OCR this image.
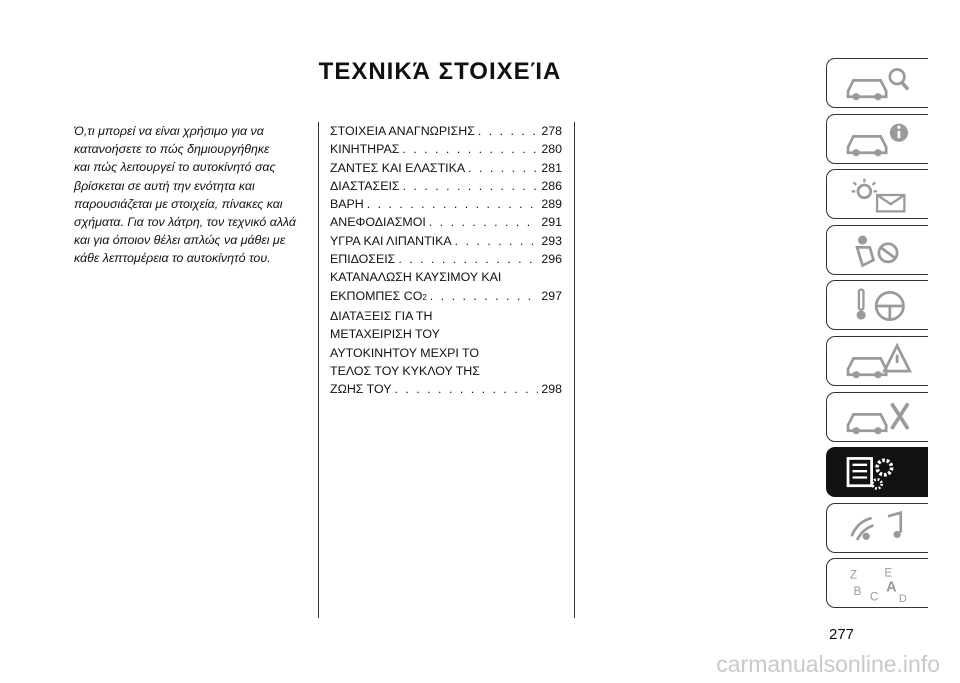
ΤΕΧΝΙΚΆ ΣΤΟΙΧΕΊΑ
Ό,τι μπορεί να είναι χρήσιμο για να
κατανοήσετε το πώς δημιουργήθηκε
και πώς λειτουργεί το αυτοκίνητό σας
βρίσκεται σε αυτή την ενότητα και
παρουσιάζεται με στοιχεία, πίνακες και
σχήματα. Για τον λάτρη, τον τεχνικό αλλά
και για όποιον θέλει απλώς να μάθει με
κάθε λεπτομέρεια το αυτοκίνητό του.
ΣΤΟΙΧΕΙΑ ΑΝΑΓΝΩΡΙΣΗΣ . . .	278
ΚΙΝΗΤΗΡΑΣ . . .	280
ΖΑΝΤΕΣ ΚΑΙ ΕΛΑΣΤΙΚΑ . . .	281
ΔΙΑΣΤΑΣΕΙΣ . . .	286
ΒΑΡΗ . . .	289
ΑΝΕΦΟΔΙΑΣΜΟΙ . . .	291
ΥΓΡΑ ΚΑΙ ΛΙΠΑΝΤΙΚΑ . . .	293
ΕΠΙΔΟΣΕΙΣ . . .	296
ΚΑΤΑΝΑΛΩΣΗ ΚΑΥΣΙΜΟΥ ΚΑΙ
ΕΚΠΟΜΠΕΣ CO 2 . . .	297
ΔΙΑΤΑΞΕΙΣ ΓΙΑ ΤΗ
ΜΕΤΑΧΕΙΡΙΣΗ ΤΟΥ
ΑΥΤΟΚΙΝΗΤΟΥ ΜΕΧΡΙ ΤΟ
ΤΕΛΟΣ ΤΟΥ ΚΥΚΛΟΥ ΤΗΣ
ΖΩΗΣ ΤΟΥ . . .	298
Z E
B C
A
D
277
carmanualsonline.info
